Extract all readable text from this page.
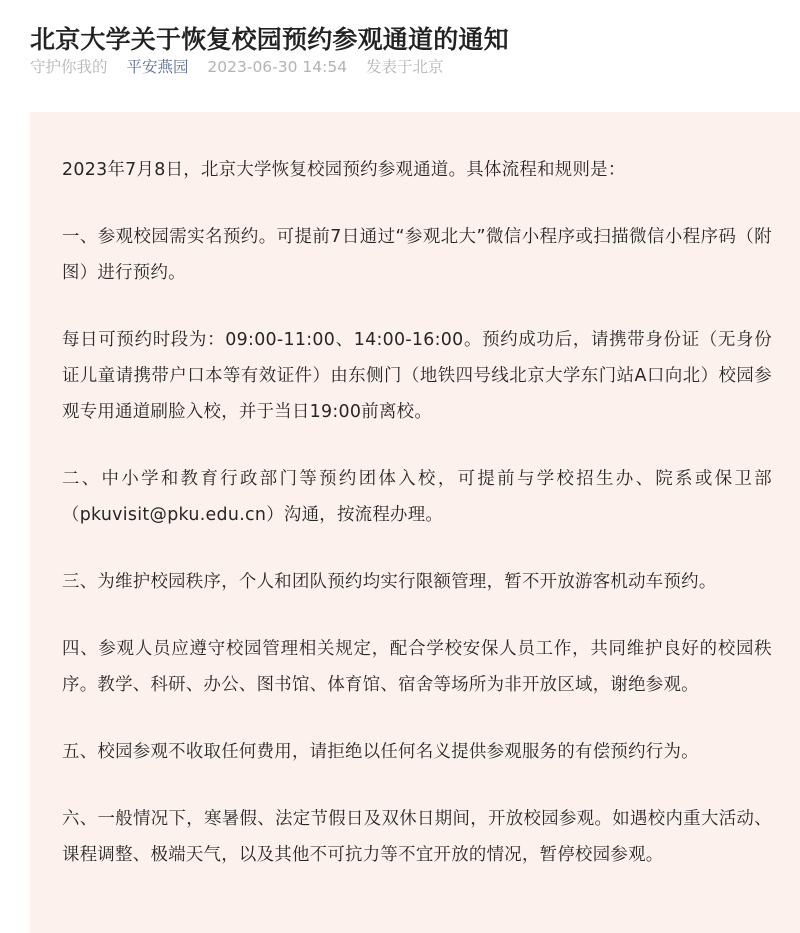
北京大学关于恢复校园预约参观通道的通知
守护你我的 平安燕园 2023-06-30 14:54 发表于北京

2023年7月8日，北京大学恢复校园预约参观通道。具体流程和规则是：

一、参观校园需实名预约。可提前7日通过“参观北大”微信小程序或扫描微信小程序码（附图）进行预约。

每日可预约时段为：09:00-11:00、14:00-16:00。预约成功后，请携带身份证（无身份证儿童请携带户口本等有效证件）由东侧门（地铁四号线北京大学东门站A口向北）校园参观专用通道刷脸入校，并于当日19:00前离校。

二、中小学和教育行政部门等预约团体入校，可提前与学校招生办、院系或保卫部（pkuvisit@pku.edu.cn）沟通，按流程办理。

三、为维护校园秩序，个人和团队预约均实行限额管理，暂不开放游客机动车预约。

四、参观人员应遵守校园管理相关规定，配合学校安保人员工作，共同维护良好的校园秩序。教学、科研、办公、图书馆、体育馆、宿舍等场所为非开放区域，谢绝参观。

五、校园参观不收取任何费用，请拒绝以任何名义提供参观服务的有偿预约行为。

六、一般情况下，寒暑假、法定节假日及双休日期间，开放校园参观。如遇校内重大活动、课程调整、极端天气，以及其他不可抗力等不宜开放的情况，暂停校园参观。
